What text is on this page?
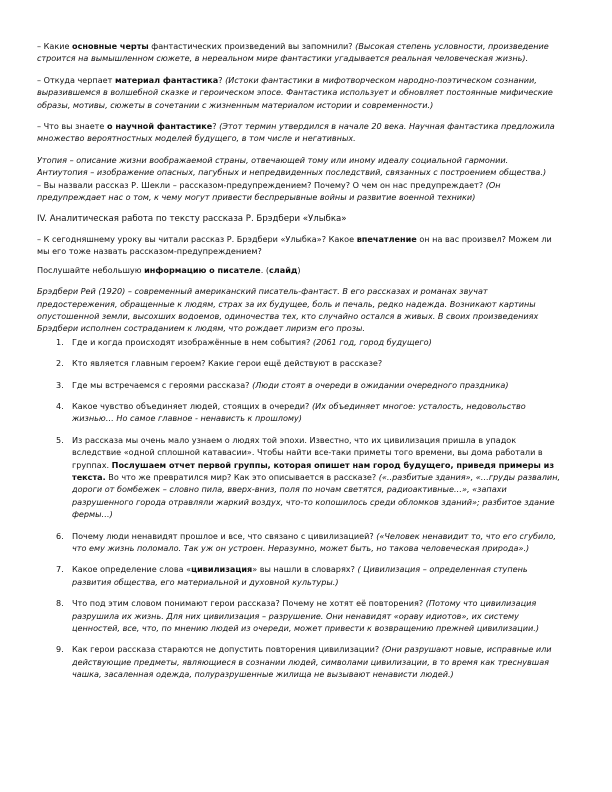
– Какие основные черты фантастических произведений вы запомнили? (Высокая степень условности, произведение строится на вымышленном сюжете, в нереальном мире фантастики угадывается реальная человеческая жизнь).

– Откуда черпает материал фантастика? (Истоки фантастики в мифотворческом народно-поэтическом сознании, выразившемся в волшебной сказке и героическом эпосе. Фантастика использует и обновляет постоянные мифические образы, мотивы, сюжеты в сочетании с жизненным материалом истории и современности.)

– Что вы знаете о научной фантастике? (Этот термин утвердился в начале 20 века. Научная фантастика предложила множество вероятностных моделей будущего, в том числе и негативных.

Утопия – описание жизни воображаемой страны, отвечающей тому или иному идеалу социальной гармонии.

Антиутопия – изображение опасных, пагубных и непредвиденных последствий, связанных с построением общества.)

– Вы назвали рассказ Р. Шекли – рассказом-предупреждением? Почему? О чем он нас предупреждает? (Он предупреждает нас о том, к чему могут привести беспрерывные войны и развитие военной техники)

IV. Аналитическая работа по тексту рассказа Р. Брэдбери «Улыбка»

– К сегодняшнему уроку вы читали рассказ Р. Брэдбери «Улыбка»? Какое впечатление он на вас произвел? Можем ли мы его тоже назвать рассказом-предупреждением?

Послушайте небольшую информацию о писателе. (слайд)

Брэдбери Рей (1920) – современный американский писатель-фантаст. В его рассказах и романах звучат предостережения, обращенные к людям, страх за их будущее, боль и печаль, редко надежда. Возникают картины опустошенной земли, высохших водоемов, одиночества тех, кто случайно остался в живых. В своих произведениях Брэдбери исполнен состраданием к людям, что рождает лиризм его прозы.

1. Где и когда происходят изображённые в нем события? (2061 год, город будущего)
2. Кто является главным героем? Какие герои ещё действуют в рассказе?
3. Где мы встречаемся с героями рассказа? (Люди стоят в очереди в ожидании очередного праздника)
4. Какое чувство объединяет людей, стоящих в очереди? (Их объединяет многое: усталость, недовольство жизнью… Но самое главное - ненависть к прошлому)
5. Из рассказа мы очень мало узнаем о людях той эпохи. Известно, что их цивилизация пришла в упадок вследствие «одной сплошной катавасии». Чтобы найти все-таки приметы того времени, вы дома работали в группах. Послушаем отчет первой группы, которая опишет нам город будущего, приведя примеры из текста. Во что же превратился мир? Как это описывается в рассказе? («..разбитые здания», «…груды развалин, дороги от бомбежек – словно пила, вверх-вниз, поля по ночам светятся, радиоактивные…», «запахи разрушенного города отравляли жаркий воздух, что-то копошилось среди обломков зданий»; разбитое здание фермы…)
6. Почему люди ненавидят прошлое и все, что связано с цивилизацией? («Человек ненавидит то, что его сгубило, что ему жизнь поломало. Так уж он устроен. Неразумно, может быть, но такова человеческая природа».)
7. Какое определение слова «цивилизация» вы нашли в словарях? ( Цивилизация – определенная ступень развития общества, его материальной и духовной культуры.)
8. Что под этим словом понимают герои рассказа? Почему не хотят её повторения? (Потому что цивилизация разрушила их жизнь. Для них цивилизация – разрушение. Они ненавидят «ораву идиотов», их систему ценностей, все, что, по мнению людей из очереди, может привести к возвращению прежней цивилизации.)
9. Как герои рассказа стараются не допустить повторения цивилизации? (Они разрушают новые, исправные или действующие предметы, являющиеся в сознании людей, символами цивилизации, в то время как треснувшая чашка, засаленная одежда, полуразрушенные жилища не вызывают ненависти людей.)
